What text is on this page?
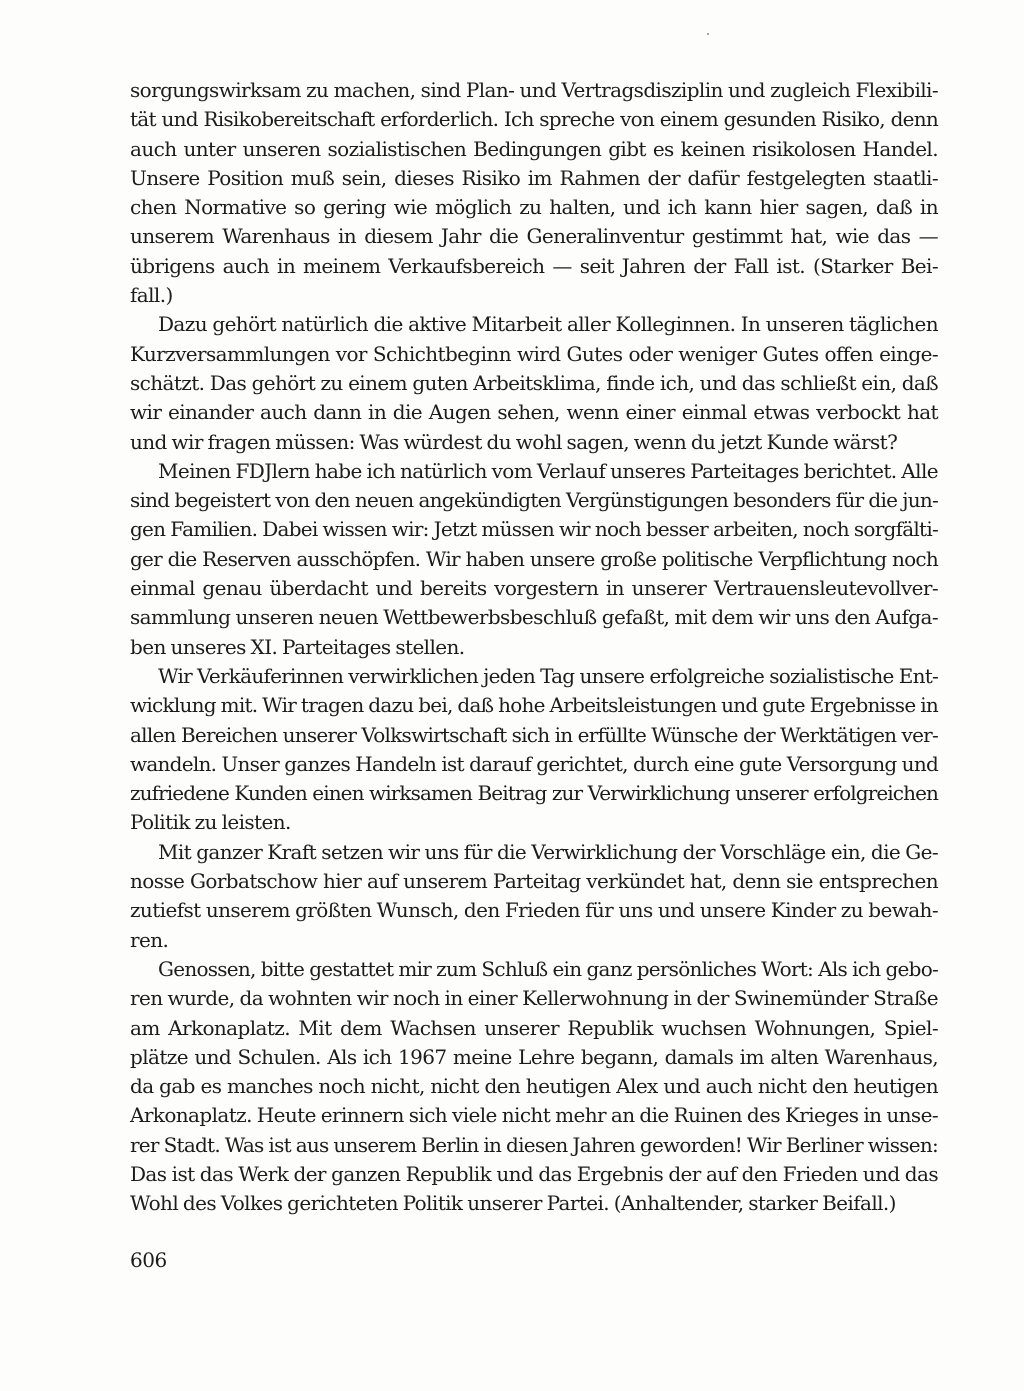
sorgungswirksam zu machen, sind Plan- und Vertragsdisziplin und zugleich Flexibili-
tät und Risikobereitschaft erforderlich. Ich spreche von einem gesunden Risiko, denn
auch unter unseren sozialistischen Bedingungen gibt es keinen risikolosen Handel.
Unsere Position muß sein, dieses Risiko im Rahmen der dafür festgelegten staatli-
chen Normative so gering wie möglich zu halten, und ich kann hier sagen, daß in
unserem Warenhaus in diesem Jahr die Generalinventur gestimmt hat, wie das —
übrigens auch in meinem Verkaufsbereich — seit Jahren der Fall ist. (Starker Bei-
fall.)
Dazu gehört natürlich die aktive Mitarbeit aller Kolleginnen. In unseren täglichen
Kurzversammlungen vor Schichtbeginn wird Gutes oder weniger Gutes offen einge-
schätzt. Das gehört zu einem guten Arbeitsklima, finde ich, und das schließt ein, daß
wir einander auch dann in die Augen sehen, wenn einer einmal etwas verbockt hat
und wir fragen müssen: Was würdest du wohl sagen, wenn du jetzt Kunde wärst?
Meinen FDJlern habe ich natürlich vom Verlauf unseres Parteitages berichtet. Alle
sind begeistert von den neuen angekündigten Vergünstigungen besonders für die jun-
gen Familien. Dabei wissen wir: Jetzt müssen wir noch besser arbeiten, noch sorgfälti-
ger die Reserven ausschöpfen. Wir haben unsere große politische Verpflichtung noch
einmal genau überdacht und bereits vorgestern in unserer Vertrauensleutevollver-
sammlung unseren neuen Wettbewerbsbeschluß gefaßt, mit dem wir uns den Aufga-
ben unseres XI. Parteitages stellen.
Wir Verkäuferinnen verwirklichen jeden Tag unsere erfolgreiche sozialistische Ent-
wicklung mit. Wir tragen dazu bei, daß hohe Arbeitsleistungen und gute Ergebnisse in
allen Bereichen unserer Volkswirtschaft sich in erfüllte Wünsche der Werktätigen ver-
wandeln. Unser ganzes Handeln ist darauf gerichtet, durch eine gute Versorgung und
zufriedene Kunden einen wirksamen Beitrag zur Verwirklichung unserer erfolgreichen
Politik zu leisten.
Mit ganzer Kraft setzen wir uns für die Verwirklichung der Vorschläge ein, die Ge-
nosse Gorbatschow hier auf unserem Parteitag verkündet hat, denn sie entsprechen
zutiefst unserem größten Wunsch, den Frieden für uns und unsere Kinder zu bewah-
ren.
Genossen, bitte gestattet mir zum Schluß ein ganz persönliches Wort: Als ich gebo-
ren wurde, da wohnten wir noch in einer Kellerwohnung in der Swinemünder Straße
am Arkonaplatz. Mit dem Wachsen unserer Republik wuchsen Wohnungen, Spiel-
plätze und Schulen. Als ich 1967 meine Lehre begann, damals im alten Warenhaus,
da gab es manches noch nicht, nicht den heutigen Alex und auch nicht den heutigen
Arkonaplatz. Heute erinnern sich viele nicht mehr an die Ruinen des Krieges in unse-
rer Stadt. Was ist aus unserem Berlin in diesen Jahren geworden! Wir Berliner wissen:
Das ist das Werk der ganzen Republik und das Ergebnis der auf den Frieden und das
Wohl des Volkes gerichteten Politik unserer Partei. (Anhaltender, starker Beifall.)
606
